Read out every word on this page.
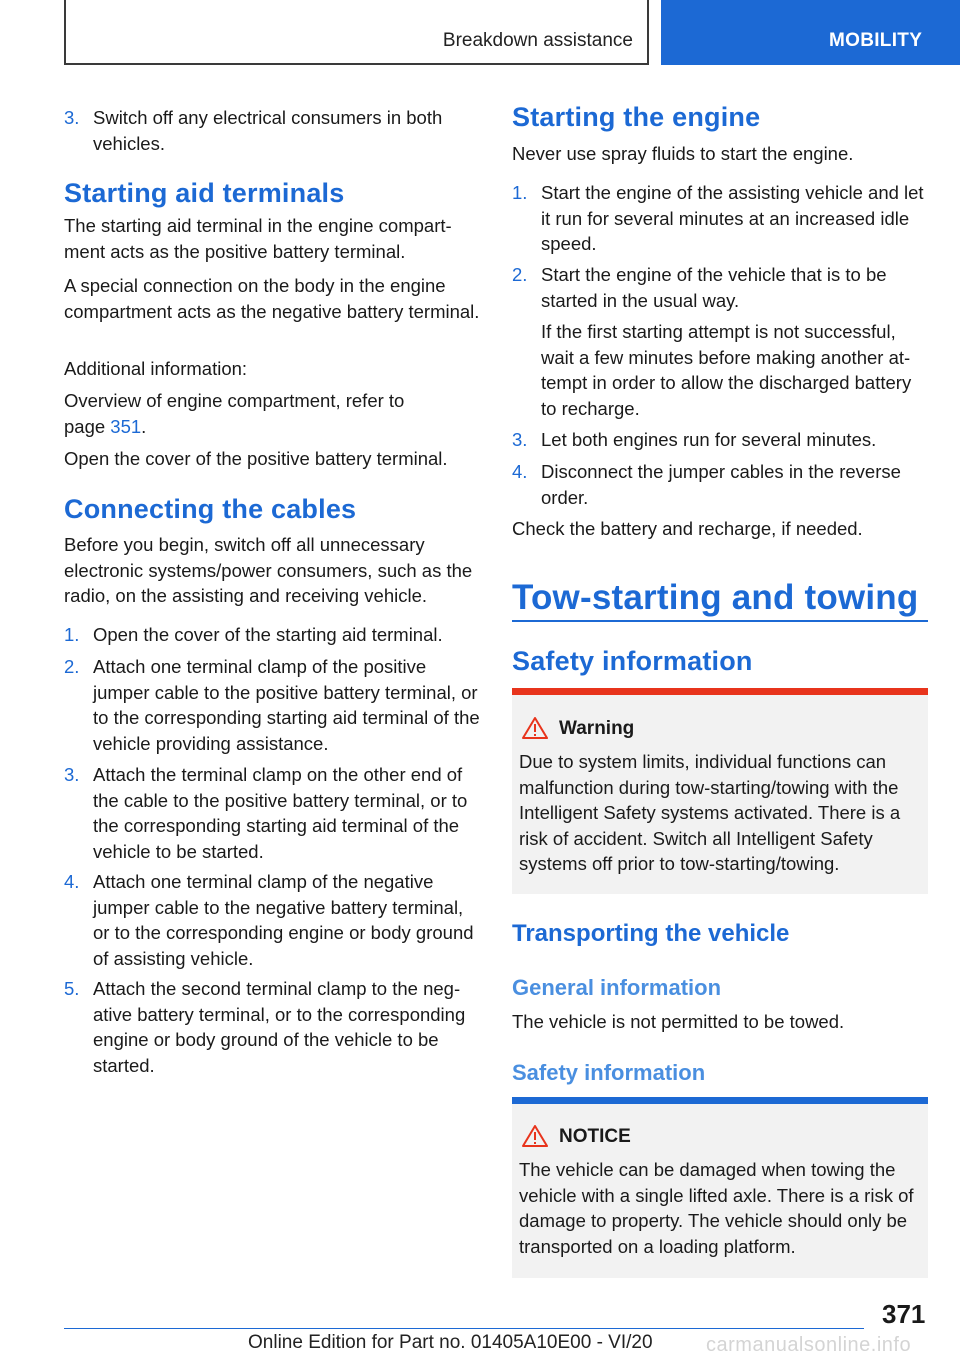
Breakdown assistance	MOBILITY
3. Switch off any electrical consumers in both vehicles.
Starting aid terminals
The starting aid terminal in the engine compartment acts as the positive battery terminal.
A special connection on the body in the engine compartment acts as the negative battery terminal.
Additional information:
Overview of engine compartment, refer to page 351.
Open the cover of the positive battery terminal.
Connecting the cables
Before you begin, switch off all unnecessary electronic systems/power consumers, such as the radio, on the assisting and receiving vehicle.
1. Open the cover of the starting aid terminal.
2. Attach one terminal clamp of the positive jumper cable to the positive battery terminal, or to the corresponding starting aid terminal of the vehicle providing assistance.
3. Attach the terminal clamp on the other end of the cable to the positive battery terminal, or to the corresponding starting aid terminal of the vehicle to be started.
4. Attach one terminal clamp of the negative jumper cable to the negative battery terminal, or to the corresponding engine or body ground of assisting vehicle.
5. Attach the second terminal clamp to the negative battery terminal, or to the corresponding engine or body ground of the vehicle to be started.
Starting the engine
Never use spray fluids to start the engine.
1. Start the engine of the assisting vehicle and let it run for several minutes at an increased idle speed.
2. Start the engine of the vehicle that is to be started in the usual way.
If the first starting attempt is not successful, wait a few minutes before making another attempt in order to allow the discharged battery to recharge.
3. Let both engines run for several minutes.
4. Disconnect the jumper cables in the reverse order.
Check the battery and recharge, if needed.
Tow-starting and towing
Safety information
Warning
Due to system limits, individual functions can malfunction during tow-starting/towing with the Intelligent Safety systems activated. There is a risk of accident. Switch all Intelligent Safety systems off prior to tow-starting/towing.
Transporting the vehicle
General information
The vehicle is not permitted to be towed.
Safety information
NOTICE
The vehicle can be damaged when towing the vehicle with a single lifted axle. There is a risk of damage to property. The vehicle should only be transported on a loading platform.
371
Online Edition for Part no. 01405A10E00 - VI/20	carmanualsonline.info
